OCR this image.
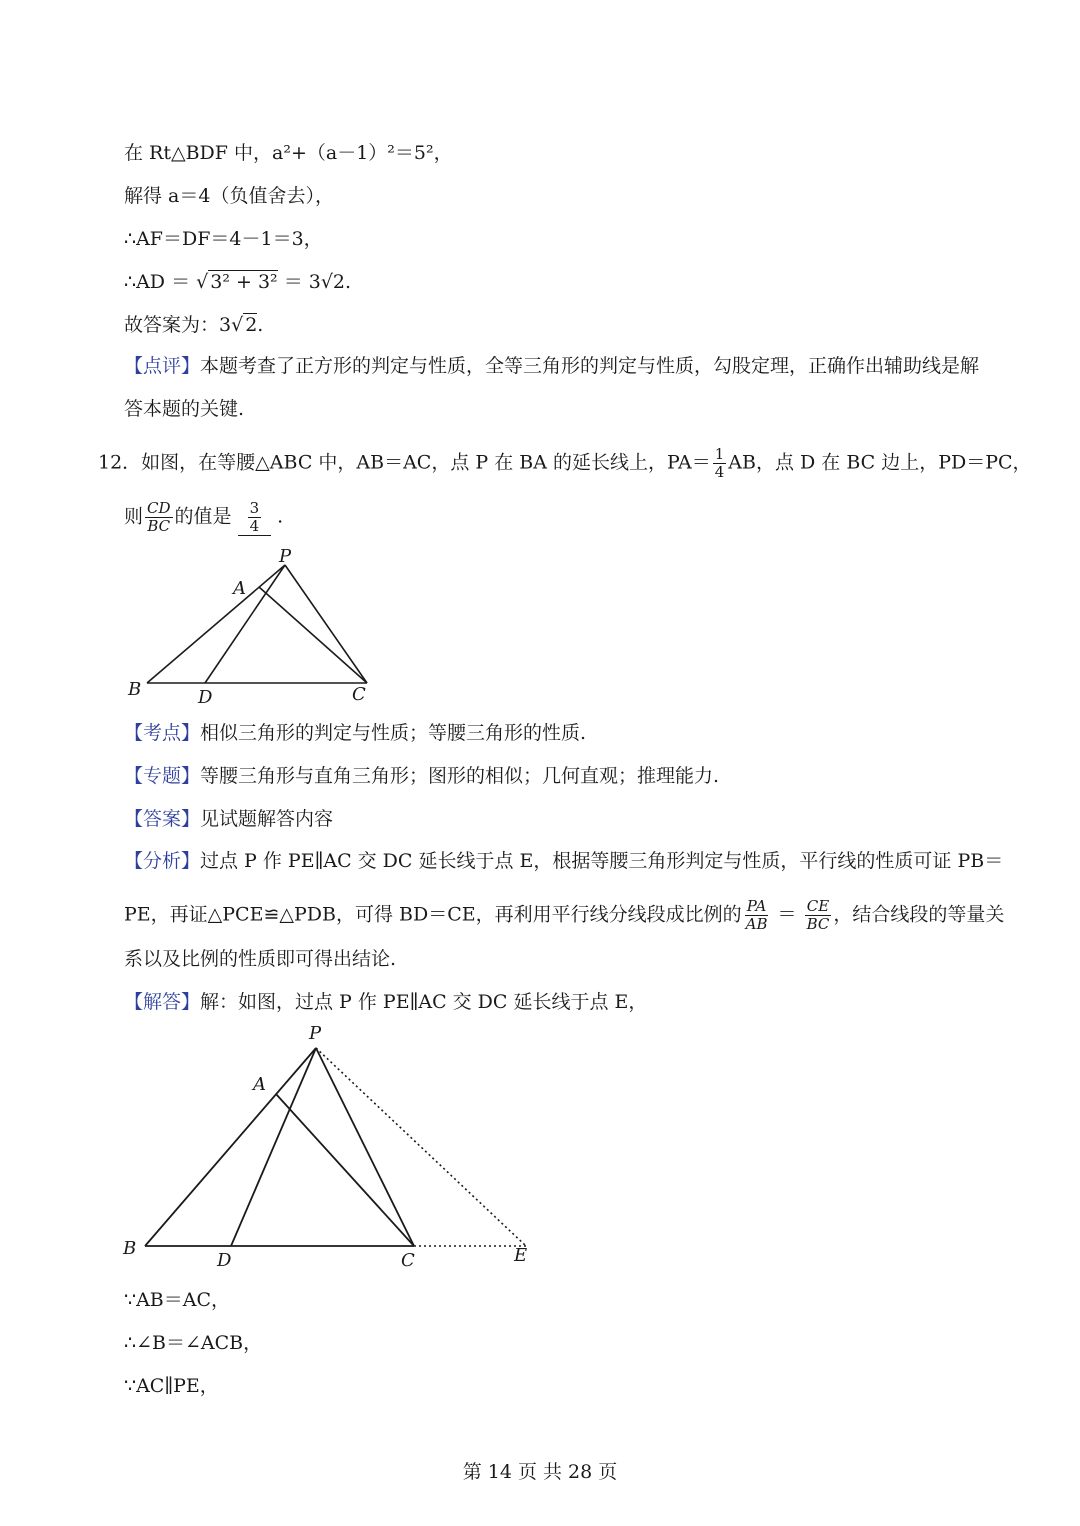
在 Rt△BDF 中，a²+（a－1）²＝5²，
解得 a＝4（负值舍去），
∴AF＝DF＝4－1＝3，
∴AD ＝ √ 3² + 3² ＝ 3√2.
故答案为：3√ 2.
【点评】本题考查了正方形的判定与性质，全等三角形的判定与性质，勾股定理，正确作出辅助线是解
答本题的关键.
12．如图，在等腰△ABC 中，AB＝AC，点 P 在 BA 的延长线上，$PA= \frac{1}{4}$ AB，点 D 在 BC 边上，PD＝PC，
则 $\frac{CD}{BC}$ 的值是 $\frac{3}{4}$ .
P
A
B	D	C
【考点】相似三角形的判定与性质；等腰三角形的性质.
【专题】等腰三角形与直角三角形；图形的相似；几何直观；推理能力.
【答案】见试题解答内容
【分析】过点 P 作 PE∥AC 交 DC 延长线于点 E，根据等腰三角形判定与性质，平行线的性质可证 PB＝
PE，再证△PCE≌△PDB，可得 BD＝CE，再利用平行线分线段成比例的 $\frac{PA}{AB} = \frac{CE}{BC}$ ，结合线段的等量关
系以及比例的性质即可得出结论.
【解答】解：如图，过点 P 作 PE∥AC 交 DC 延长线于点 E，
P
A
B
D	C	E
∵AB＝AC，
∴∠B＝∠ACB，
∵AC∥PE，
第 14 页 共 28 页
